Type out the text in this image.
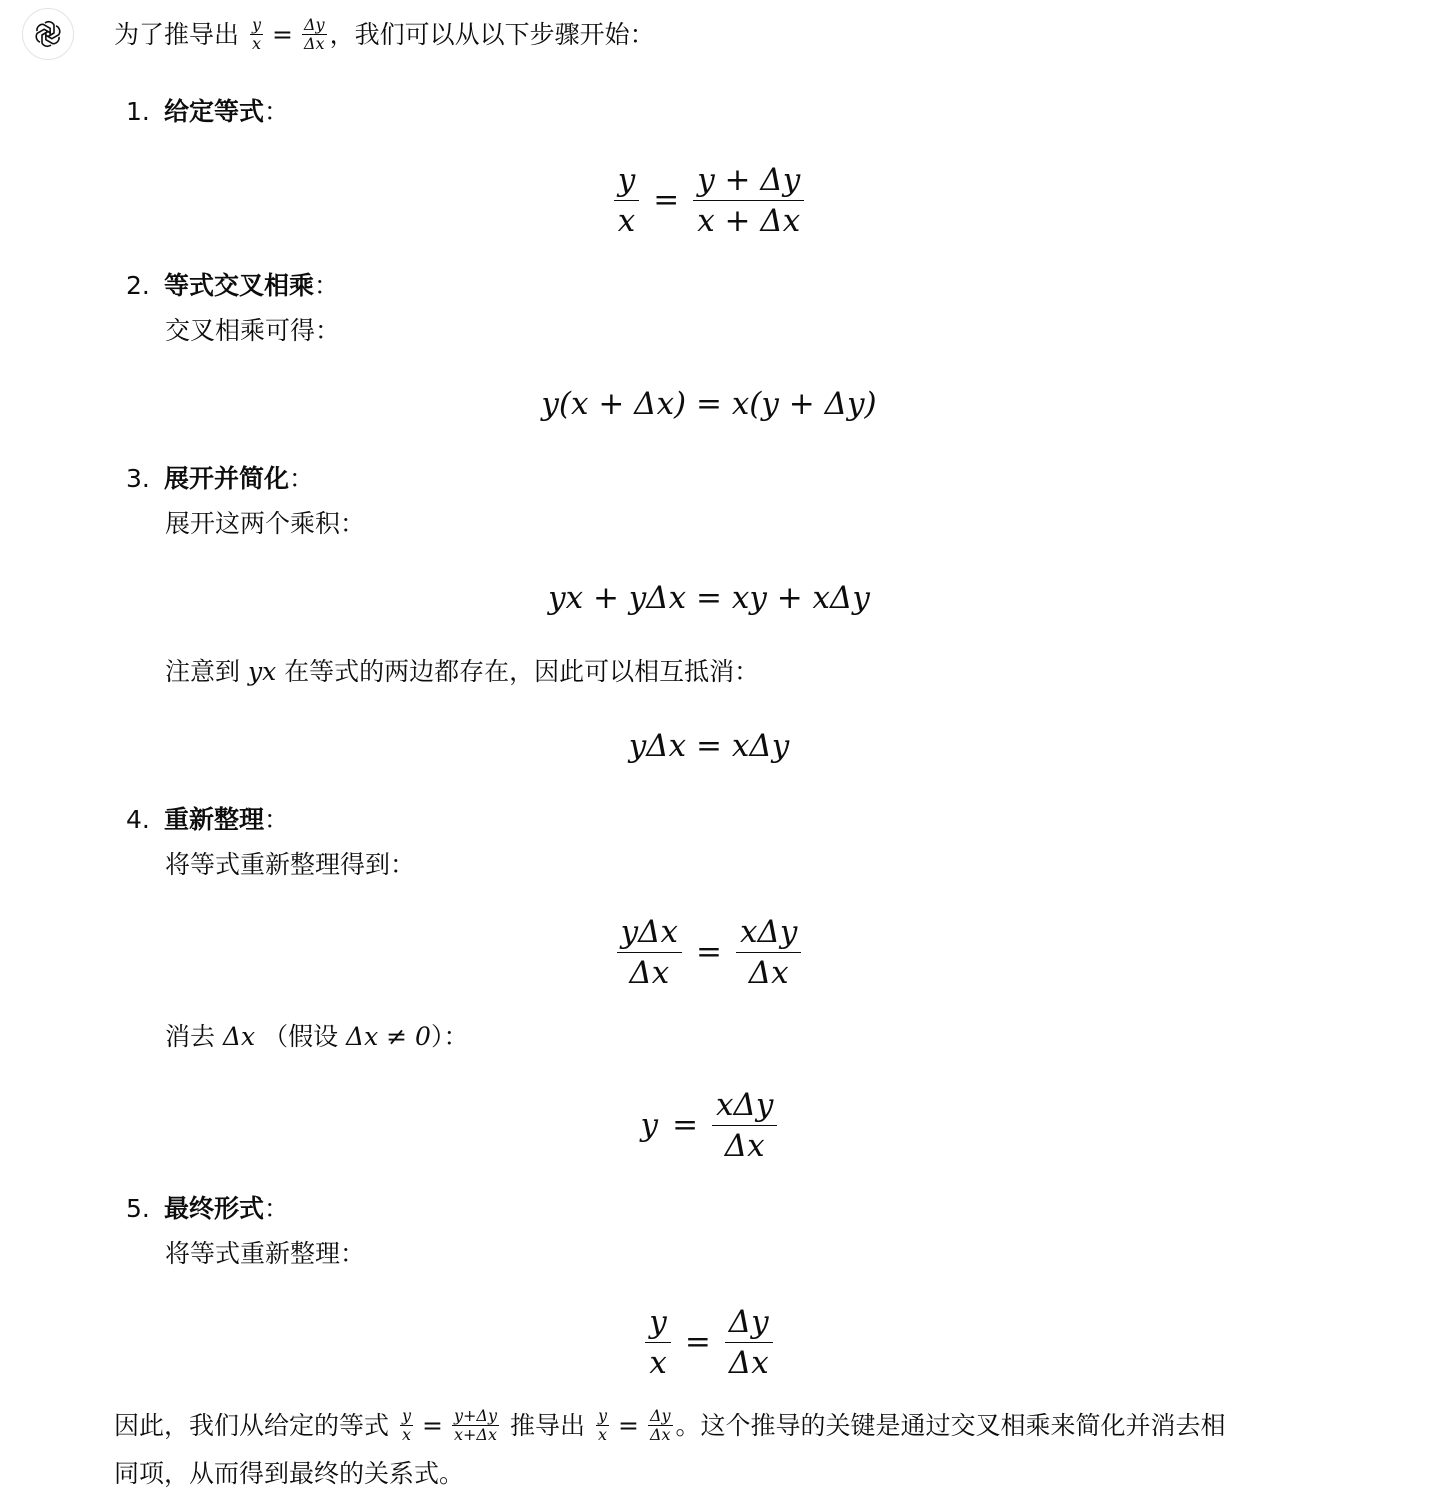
为了推导出 $\frac{y}{x} = \frac{\Delta y}{\Delta x}$ ，我们可以从以下步骤开始：
1. 给定等式：
$\frac{y}{x} = \frac{y + \Delta y}{x + \Delta x}$
2. 等式交叉相乘：
交叉相乘可得：
y(x + Δx) = x(y + Δy)
3. 展开并简化：
展开这两个乘积：
yx + yΔx = xy + xΔy
注意到 yx 在等式的两边都存在，因此可以相互抵消：
yΔx = xΔy
4. 重新整理：
将等式重新整理得到：
$\frac{\text{yΔx}}{\Delta x} = \frac{\text{xΔy}}{\Delta x}$
消去 Δx （假设 Δx ≠ 0）：
$y = \frac{\text{xΔy}}{\Delta x}$
5. 最终形式：
将等式重新整理：
$\frac{y}{x} = \frac{\Delta y}{\Delta x}$
因此，我们从给定的等式 $\frac{y}{x} = \frac{y+\Delta y}{x+\Delta x}$ 推导出 $\frac{y}{x} = \frac{\Delta y}{\Delta x}$ 。这个推导的关键是通过交叉相乘来简化并消去相同项，从而得到最终的关系式。
